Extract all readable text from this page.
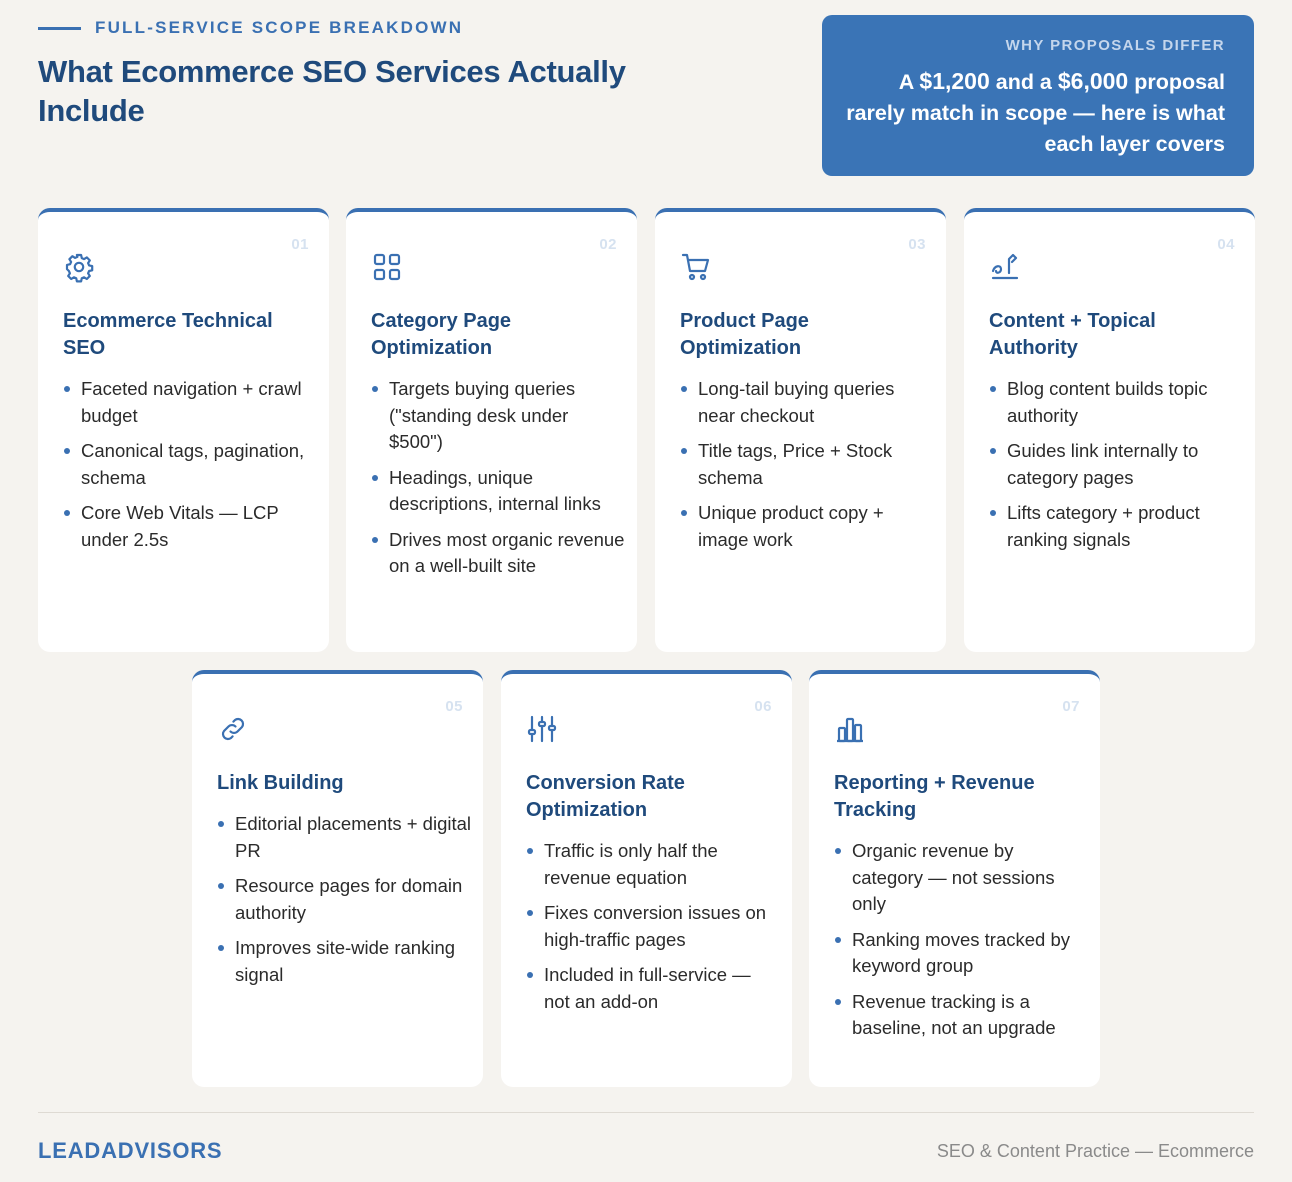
FULL-SERVICE SCOPE BREAKDOWN
What Ecommerce SEO Services Actually Include
WHY PROPOSALS DIFFER
A $1,200 and a $6,000 proposal rarely match in scope — here is what each layer covers
01
Ecommerce Technical SEO
Faceted navigation + crawl budget
Canonical tags, pagination, schema
Core Web Vitals — LCP under 2.5s
02
Category Page Optimization
Targets buying queries ("standing desk under $500")
Headings, unique descriptions, internal links
Drives most organic revenue on a well-built site
03
Product Page Optimization
Long-tail buying queries near checkout
Title tags, Price + Stock schema
Unique product copy + image work
04
Content + Topical Authority
Blog content builds topic authority
Guides link internally to category pages
Lifts category + product ranking signals
05
Link Building
Editorial placements + digital PR
Resource pages for domain authority
Improves site-wide ranking signal
06
Conversion Rate Optimization
Traffic is only half the revenue equation
Fixes conversion issues on high-traffic pages
Included in full-service — not an add-on
07
Reporting + Revenue Tracking
Organic revenue by category — not sessions only
Ranking moves tracked by keyword group
Revenue tracking is a baseline, not an upgrade
LEADADVISORS	SEO & Content Practice — Ecommerce
